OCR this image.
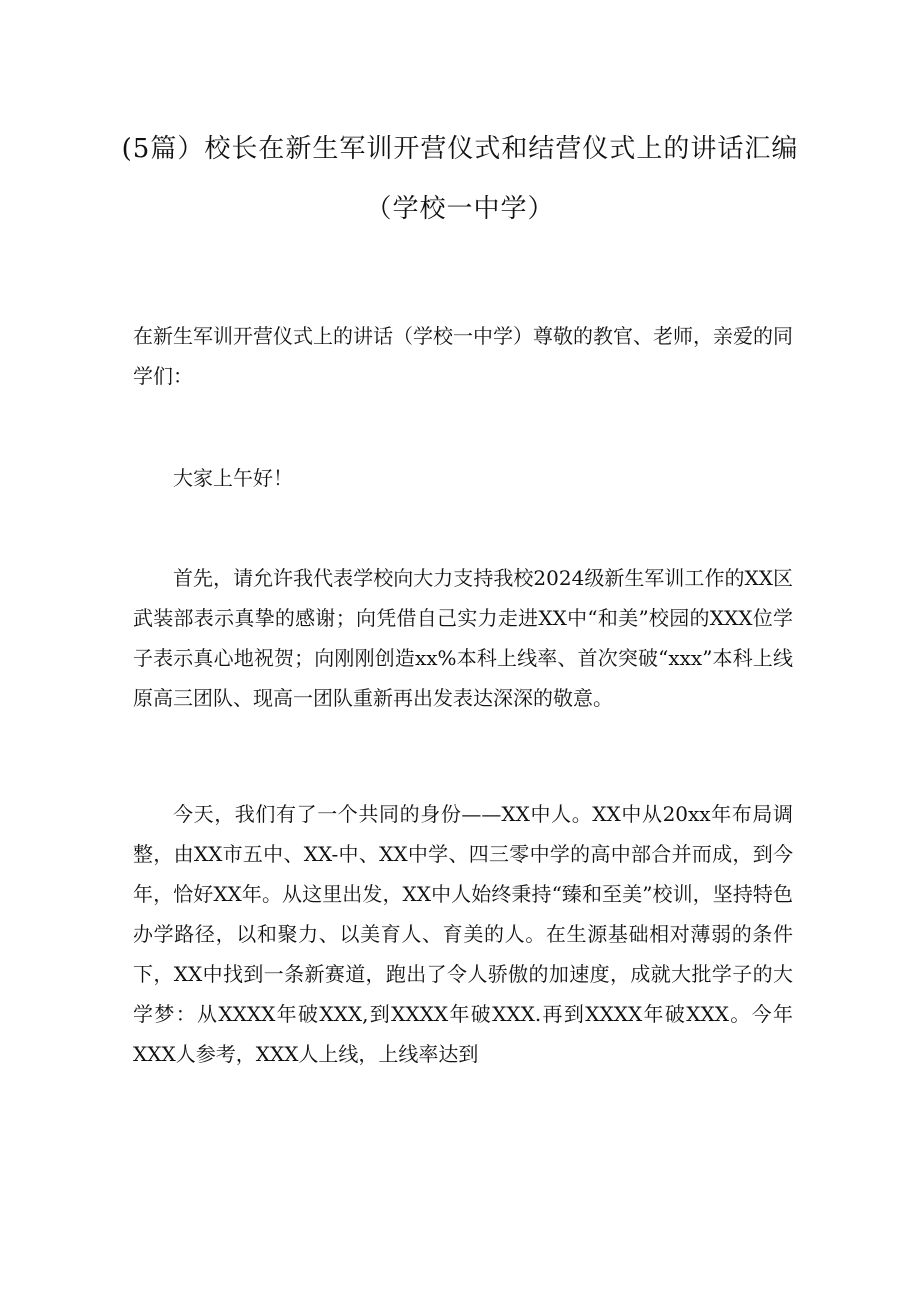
(5篇）校长在新生军训开营仪式和结营仪式上的讲话汇编
（学校一中学）
在新生军训开营仪式上的讲话（学校一中学）尊敬的教官、老师，亲爱的同学们：
大家上午好！
首先，请允许我代表学校向大力支持我校2024级新生军训工作的XX区武装部表示真挚的感谢；向凭借自己实力走进XX中“和美”校园的XXX位学子表示真心地祝贺；向刚刚创造xx%本科上线率、首次突破“xxx”本科上线原高三团队、现高一团队重新再出发表达深深的敬意。
今天，我们有了一个共同的身份——XX中人。XX中从20xx年布局调整，由XX市五中、XX-中、XX中学、四三零中学的高中部合并而成，到今年，恰好XX年。从这里出发，XX中人始终秉持“臻和至美”校训，坚持特色办学路径，以和聚力、以美育人、育美的人。在生源基础相对薄弱的条件下，XX中找到一条新赛道，跑出了令人骄傲的加速度，成就大批学子的大学梦：从XXXX年破XXX,到XXXX年破XXX.再到XXXX年破XXX。今年XXX人参考，XXX人上线，上线率达到
